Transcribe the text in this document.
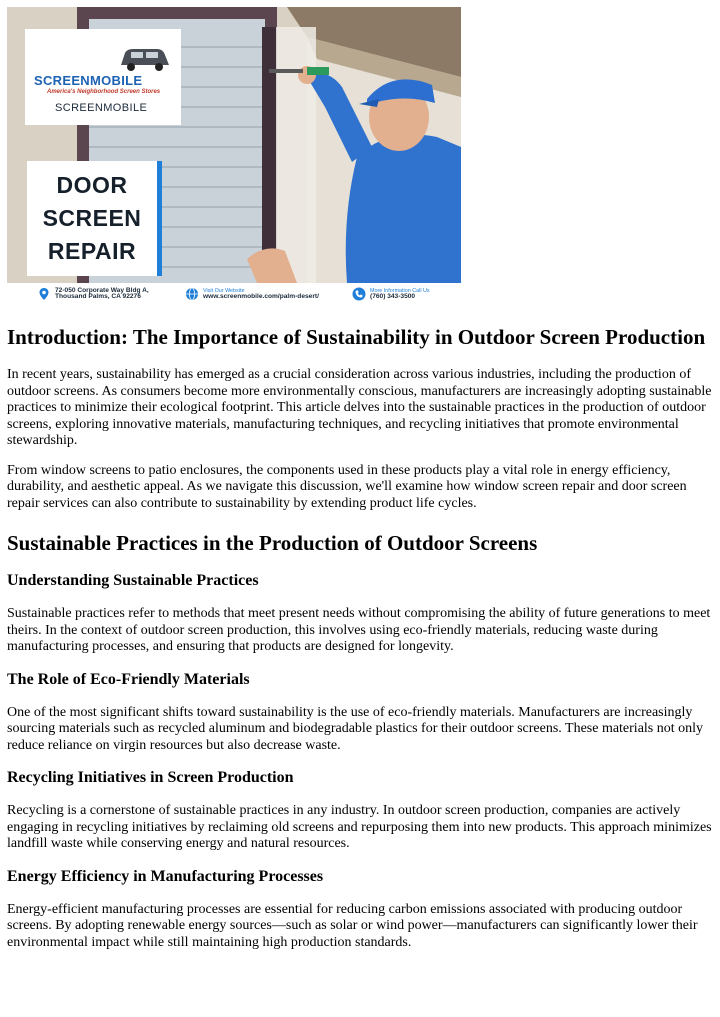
SCREENMOBILE
America's Neighborhood Screen Stores
SCREENMOBILE
DOOR
SCREEN
REPAIR
72-050 Corporate Way Bldg A,
Thousand Palms, CA 92276
Visit Our Website
www.screenmobile.com/palm-desert/
More Information Call Us
(760) 343-3500
Introduction: The Importance of Sustainability in Outdoor Screen Production

In recent years, sustainability has emerged as a crucial consideration across various industries, including the production of outdoor screens. As consumers become more environmentally conscious, manufacturers are increasingly adopting sustainable practices to minimize their ecological footprint. This article delves into the sustainable practices in the production of outdoor screens, exploring innovative materials, manufacturing techniques, and recycling initiatives that promote environmental stewardship.

From window screens to patio enclosures, the components used in these products play a vital role in energy efficiency, durability, and aesthetic appeal. As we navigate this discussion, we'll examine how window screen repair and door screen repair services can also contribute to sustainability by extending product life cycles.

Sustainable Practices in the Production of Outdoor Screens
Understanding Sustainable Practices

Sustainable practices refer to methods that meet present needs without compromising the ability of future generations to meet theirs. In the context of outdoor screen production, this involves using eco-friendly materials, reducing waste during manufacturing processes, and ensuring that products are designed for longevity.

The Role of Eco-Friendly Materials

One of the most significant shifts toward sustainability is the use of eco-friendly materials. Manufacturers are increasingly sourcing materials such as recycled aluminum and biodegradable plastics for their outdoor screens. These materials not only reduce reliance on virgin resources but also decrease waste.

Recycling Initiatives in Screen Production

Recycling is a cornerstone of sustainable practices in any industry. In outdoor screen production, companies are actively engaging in recycling initiatives by reclaiming old screens and repurposing them into new products. This approach minimizes landfill waste while conserving energy and natural resources.

Energy Efficiency in Manufacturing Processes

Energy-efficient manufacturing processes are essential for reducing carbon emissions associated with producing outdoor screens. By adopting renewable energy sources—such as solar or wind power—manufacturers can significantly lower their environmental impact while still maintaining high production standards.
